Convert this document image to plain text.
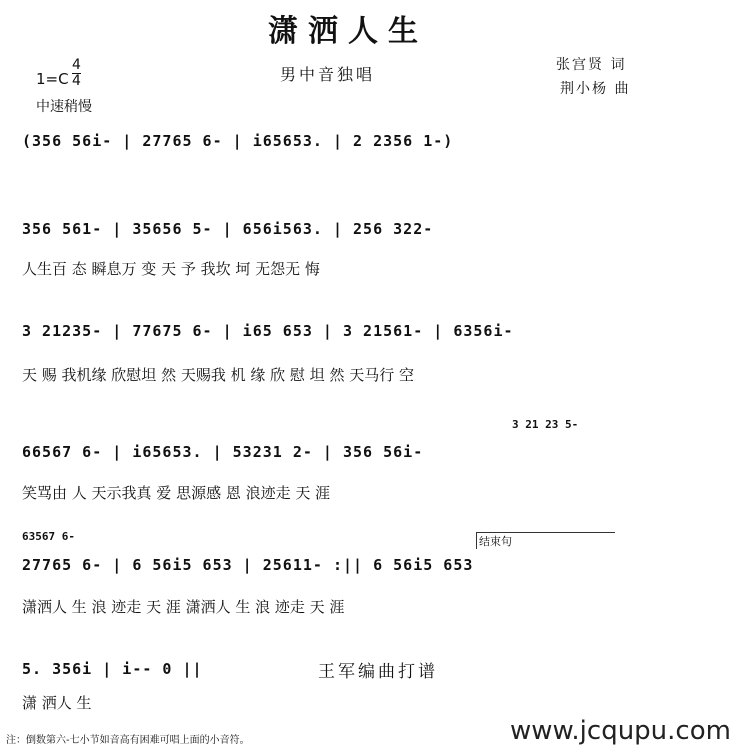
潇洒人生
1=C
4
4
中速稍慢
男中音独唱	张宫贤 词
荆小杨 曲
(356 56i- | 27765 6- | i65653. | 2 2356 1-)
356 561- | 35656 5- | 656i563. | 256 322-
人生百 态 瞬息万 变 天 予 我坎 坷 无怨无 悔
3 21235- | 77675 6- | i65 653 | 3 21561- | 6356i-
天 赐 我机缘 欣慰坦 然 天赐我 机 缘 欣 慰 坦 然 天马行 空
3 21 23 5-
66567 6- | i65653. | 53231 2- | 356 56i-
笑骂由 人 天示我真 爱 思源感 恩 浪迹走 天 涯
63567 6-	结束句
27765 6- | 6 56i5 653 | 25611- :|| 6 56i5 653
潇洒人 生 浪 迹走 天 涯 潇洒人 生 浪 迹走 天 涯
5. 356i | i-- 0 ||
潇 洒人 生
王军编曲打谱
www.jcqupu.com
注：倒数第六-七小节如音高有困难可唱上面的小音符。
